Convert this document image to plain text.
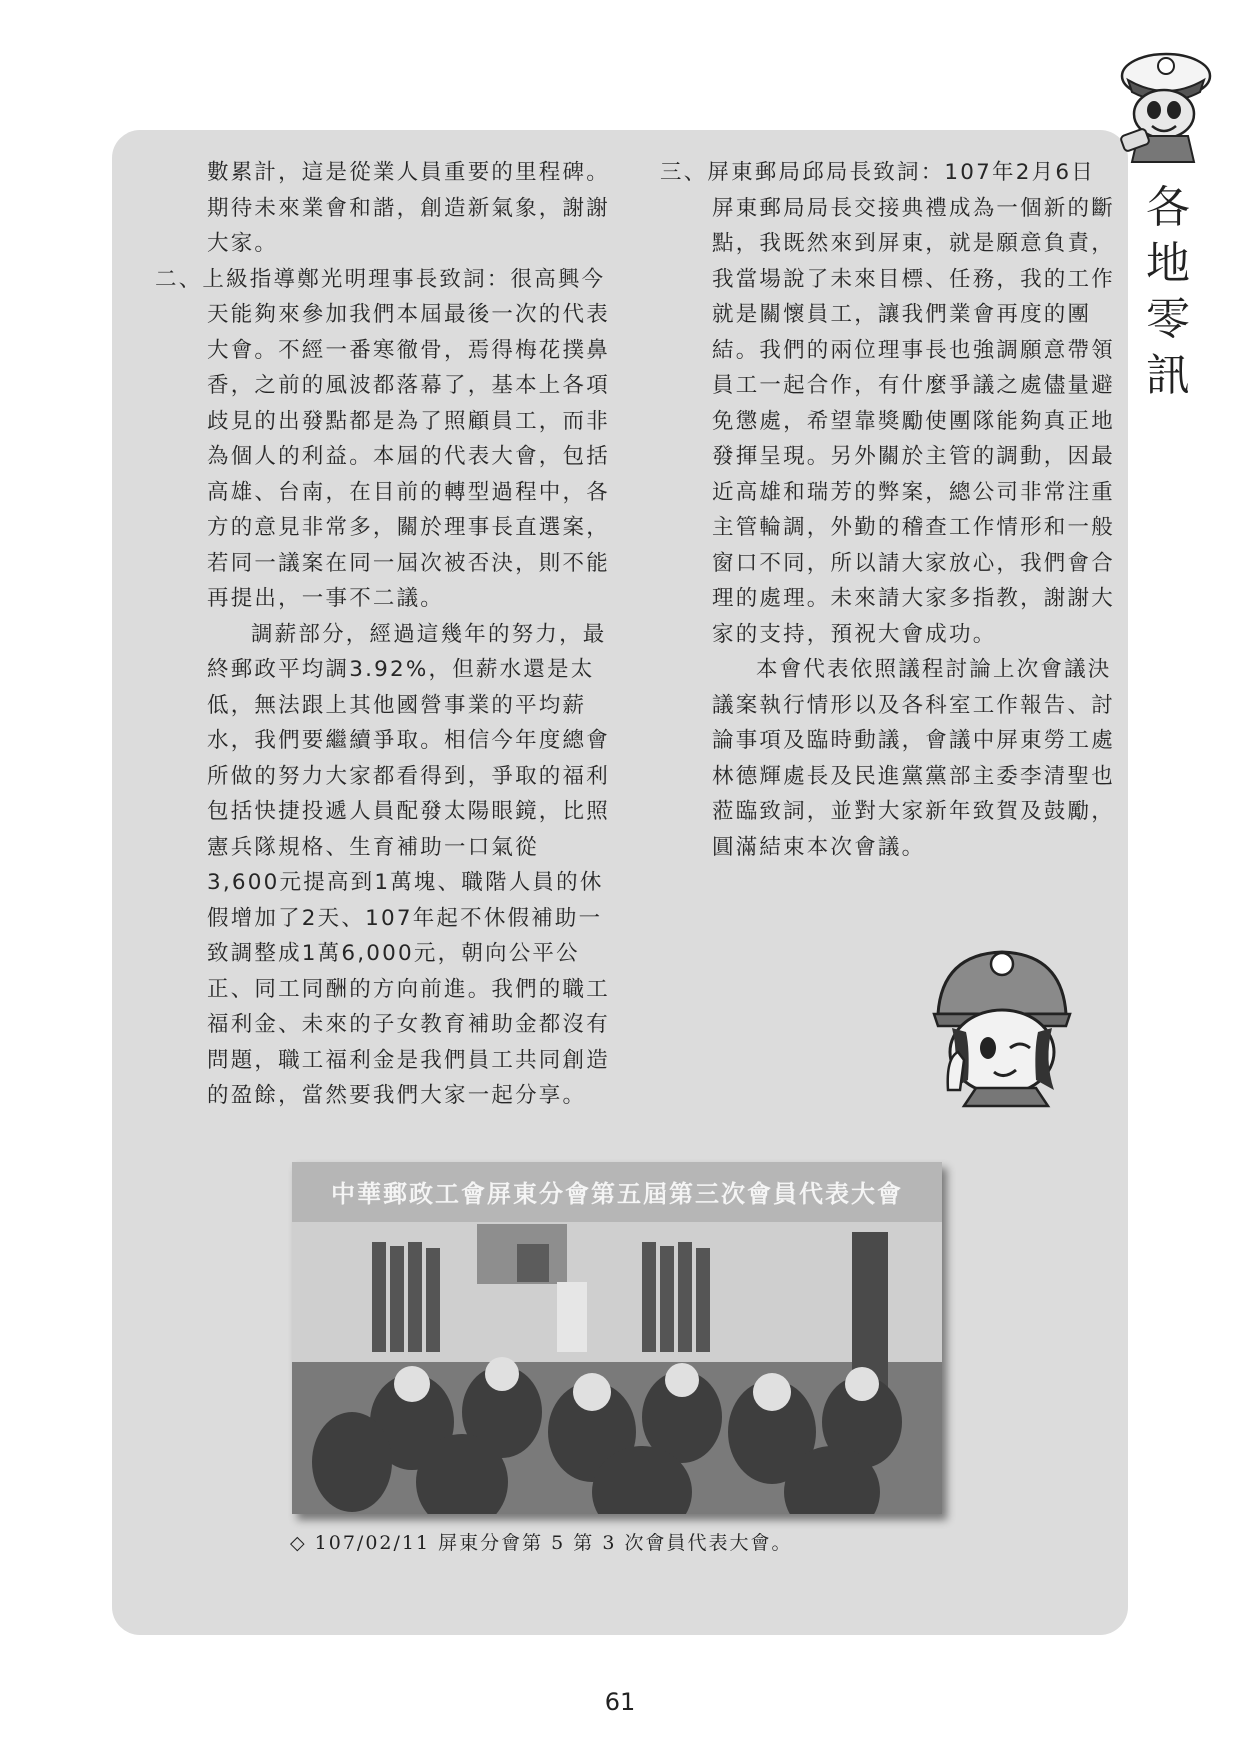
各
地
零
訊

數累計，這是從業人員重要的里程碑。期待未來業會和諧，創造新氣象，謝謝大家。

二、上級指導鄭光明理事長致詞：很高興今天能夠來參加我們本屆最後一次的代表大會。不經一番寒徹骨，焉得梅花撲鼻香，之前的風波都落幕了，基本上各項歧見的出發點都是為了照顧員工，而非為個人的利益。本屆的代表大會，包括高雄、台南，在目前的轉型過程中，各方的意見非常多，關於理事長直選案，若同一議案在同一屆次被否決，則不能再提出，一事不二議。

調薪部分，經過這幾年的努力，最終郵政平均調3.92%，但薪水還是太低，無法跟上其他國營事業的平均薪水，我們要繼續爭取。相信今年度總會所做的努力大家都看得到，爭取的福利包括快捷投遞人員配發太陽眼鏡，比照憲兵隊規格、生育補助一口氣從3,600元提高到1萬塊、職階人員的休假增加了2天、107年起不休假補助一致調整成1萬6,000元，朝向公平公正、同工同酬的方向前進。我們的職工福利金、未來的子女教育補助金都沒有問題，職工福利金是我們員工共同創造的盈餘，當然要我們大家一起分享。

三、屏東郵局邱局長致詞：107年2月6日屏東郵局局長交接典禮成為一個新的斷點，我既然來到屏東，就是願意負責，我當場說了未來目標、任務，我的工作就是關懷員工，讓我們業會再度的團結。我們的兩位理事長也強調願意帶領員工一起合作，有什麼爭議之處儘量避免懲處，希望靠獎勵使團隊能夠真正地發揮呈現。另外關於主管的調動，因最近高雄和瑞芳的弊案，總公司非常注重主管輪調，外勤的稽查工作情形和一般窗口不同，所以請大家放心，我們會合理的處理。未來請大家多指教，謝謝大家的支持，預祝大會成功。

本會代表依照議程討論上次會議決議案執行情形以及各科室工作報告、討論事項及臨時動議，會議中屏東勞工處林德輝處長及民進黨黨部主委李清聖也蒞臨致詞，並對大家新年致賀及鼓勵，圓滿結束本次會議。

中華郵政工會屏東分會第五屆第三次會員代表大會
◇ 107/02/11 屏東分會第 5 第 3 次會員代表大會。
61
